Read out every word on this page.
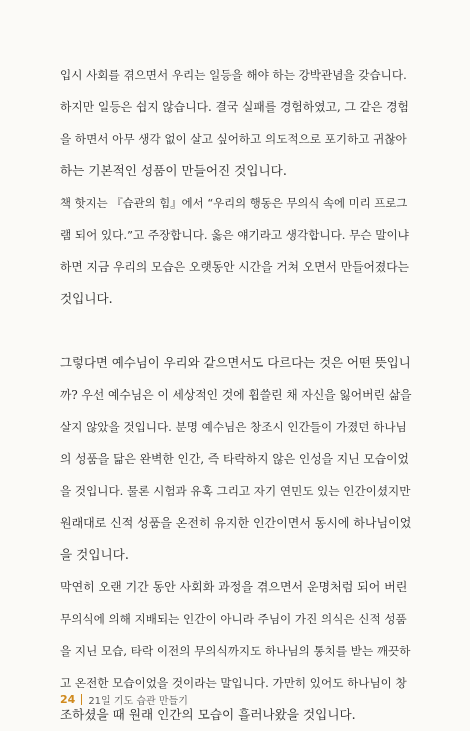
입시 사회를 겪으면서 우리는 일등을 해야 하는 강박관념을 갖습니다.
하지만 일등은 쉽지 않습니다. 결국 실패를 경험하였고, 그 같은 경험
을 하면서 아무 생각 없이 살고 싶어하고 의도적으로 포기하고 귀찮아
하는 기본적인 성품이 만들어진 것입니다.
책 핫지는 『습관의 힘』에서 “우리의 행동은 무의식 속에 미리 프로그
램 되어 있다.”고 주장합니다. 옳은 얘기라고 생각합니다. 무슨 말이냐
하면 지금 우리의 모습은 오랫동안 시간을 거쳐 오면서 만들어졌다는
것입니다.
그렇다면 예수님이 우리와 같으면서도 다르다는 것은 어떤 뜻입니
까? 우선 예수님은 이 세상적인 것에 휩쓸린 채 자신을 잃어버린 삶을
살지 않았을 것입니다. 분명 예수님은 창조시 인간들이 가졌던 하나님
의 성품을 닮은 완벽한 인간, 즉 타락하지 않은 인성을 지닌 모습이었
을 것입니다. 물론 시험과 유혹 그리고 자기 연민도 있는 인간이셨지만
원래대로 신적 성품을 온전히 유지한 인간이면서 동시에 하나님이었
을 것입니다.
막연히 오랜 기간 동안 사회화 과정을 겪으면서 운명처럼 되어 버린
무의식에 의해 지배되는 인간이 아니라 주님이 가진 의식은 신적 성품
을 지닌 모습, 타락 이전의 무의식까지도 하나님의 통치를 받는 깨끗하
고 온전한 모습이었을 것이라는 말입니다. 가만히 있어도 하나님이 창
조하셨을 때 원래 인간의 모습이 흘러나왔을 것입니다.
24 21일 기도 습관 만들기
